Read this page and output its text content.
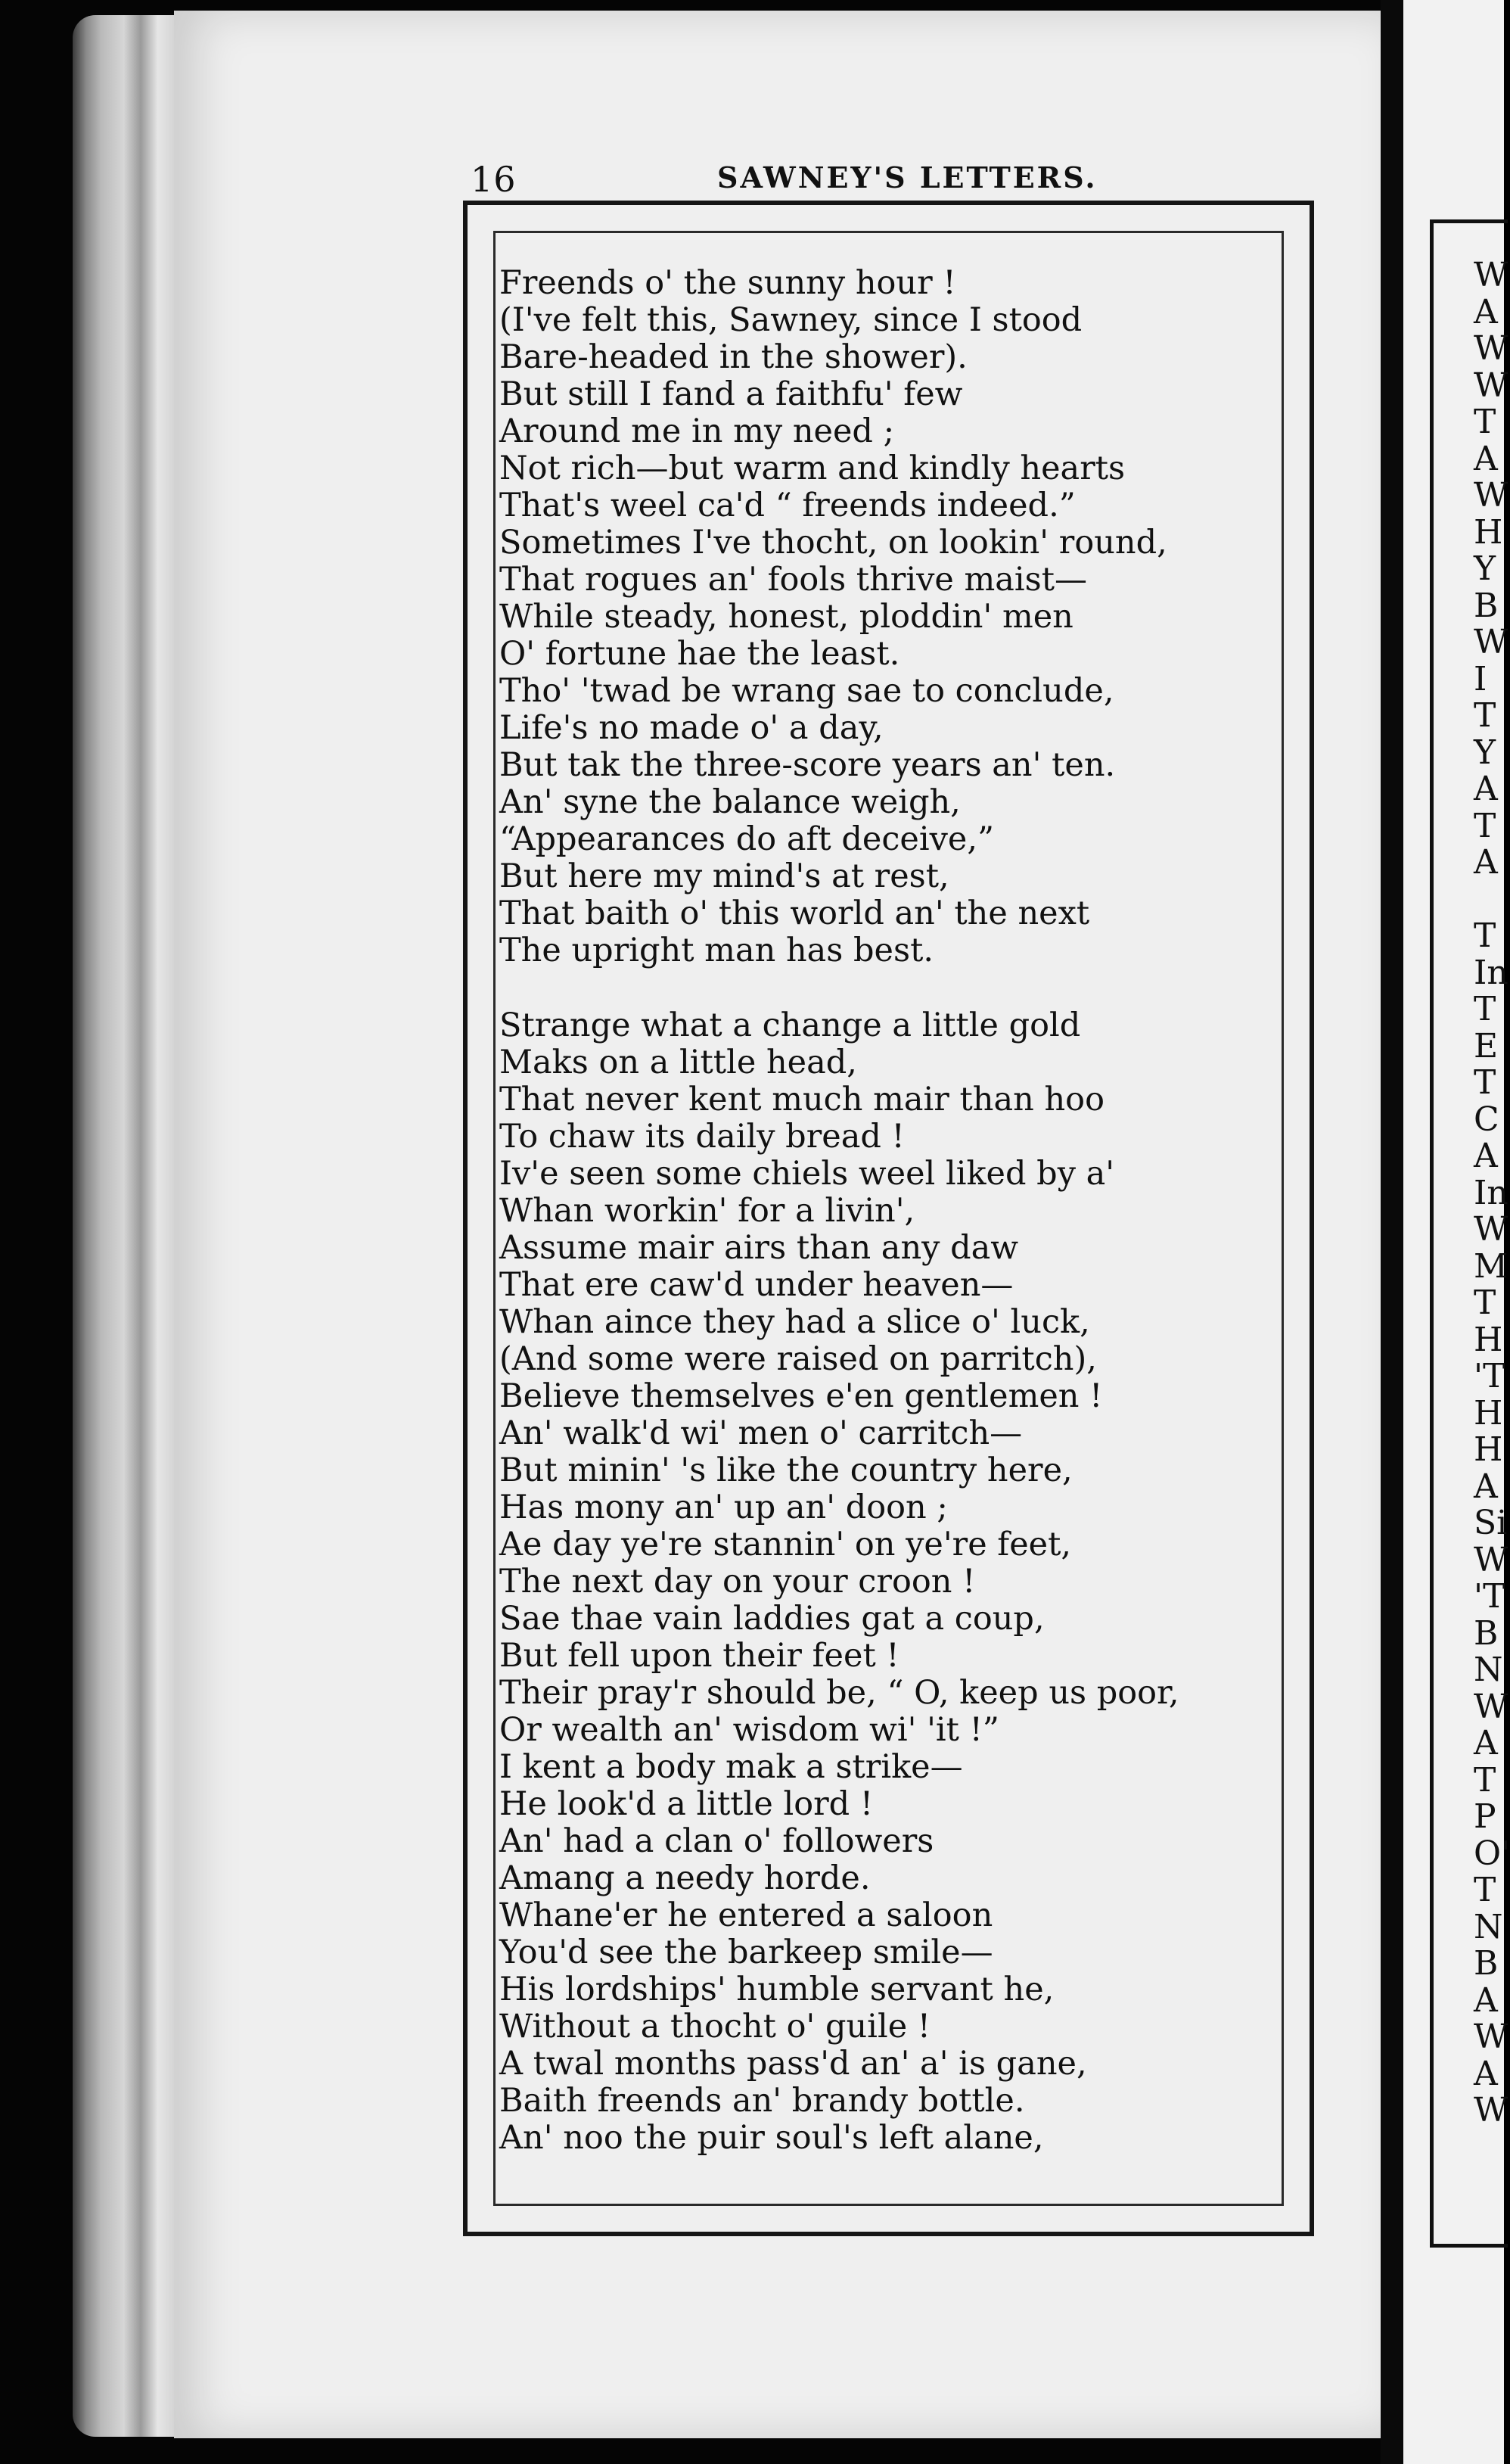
W
A
W
W
T
A
W
H
Y
B
W
I
T
Y
A
T
A

T
In
T
E
T
C
A
In
W
M
T
H
'T
H
H
A
Si
W
'T
B
N
W
A
T
P
O'
T
N
B
A
W
A
W
16	SAWNEY'S LETTERS.
Freends o' the sunny hour !
(I've felt this, Sawney, since I stood
Bare-headed in the shower).
But still I fand a faithfu' few
Around me in my need ;
Not rich—but warm and kindly hearts
That's weel ca'd “ freends indeed.”
Sometimes I've thocht, on lookin' round,
That rogues an' fools thrive maist—
While steady, honest, ploddin' men
O' fortune hae the least.
Tho' 'twad be wrang sae to conclude,
Life's no made o' a day,
But tak the three-score years an' ten.
An' syne the balance weigh,
“Appearances do aft deceive,”
But here my mind's at rest,
That baith o' this world an' the next
The upright man has best.
Strange what a change a little gold
Maks on a little head,
That never kent much mair than hoo
To chaw its daily bread !
Iv'e seen some chiels weel liked by a'
Whan workin' for a livin',
Assume mair airs than any daw
That ere caw'd under heaven—
Whan aince they had a slice o' luck,
(And some were raised on parritch),
Believe themselves e'en gentlemen !
An' walk'd wi' men o' carritch—
But minin' 's like the country here,
Has mony an' up an' doon ;
Ae day ye're stannin' on ye're feet,
The next day on your croon !
Sae thae vain laddies gat a coup,
But fell upon their feet !
Their pray'r should be, “ O, keep us poor,
Or wealth an' wisdom wi' 'it !”
I kent a body mak a strike—
He look'd a little lord !
An' had a clan o' followers
Amang a needy horde.
Whane'er he entered a saloon
You'd see the barkeep smile—
His lordships' humble servant he,
Without a thocht o' guile !
A twal months pass'd an' a' is gane,
Baith freends an' brandy bottle.
An' noo the puir soul's left alane,
